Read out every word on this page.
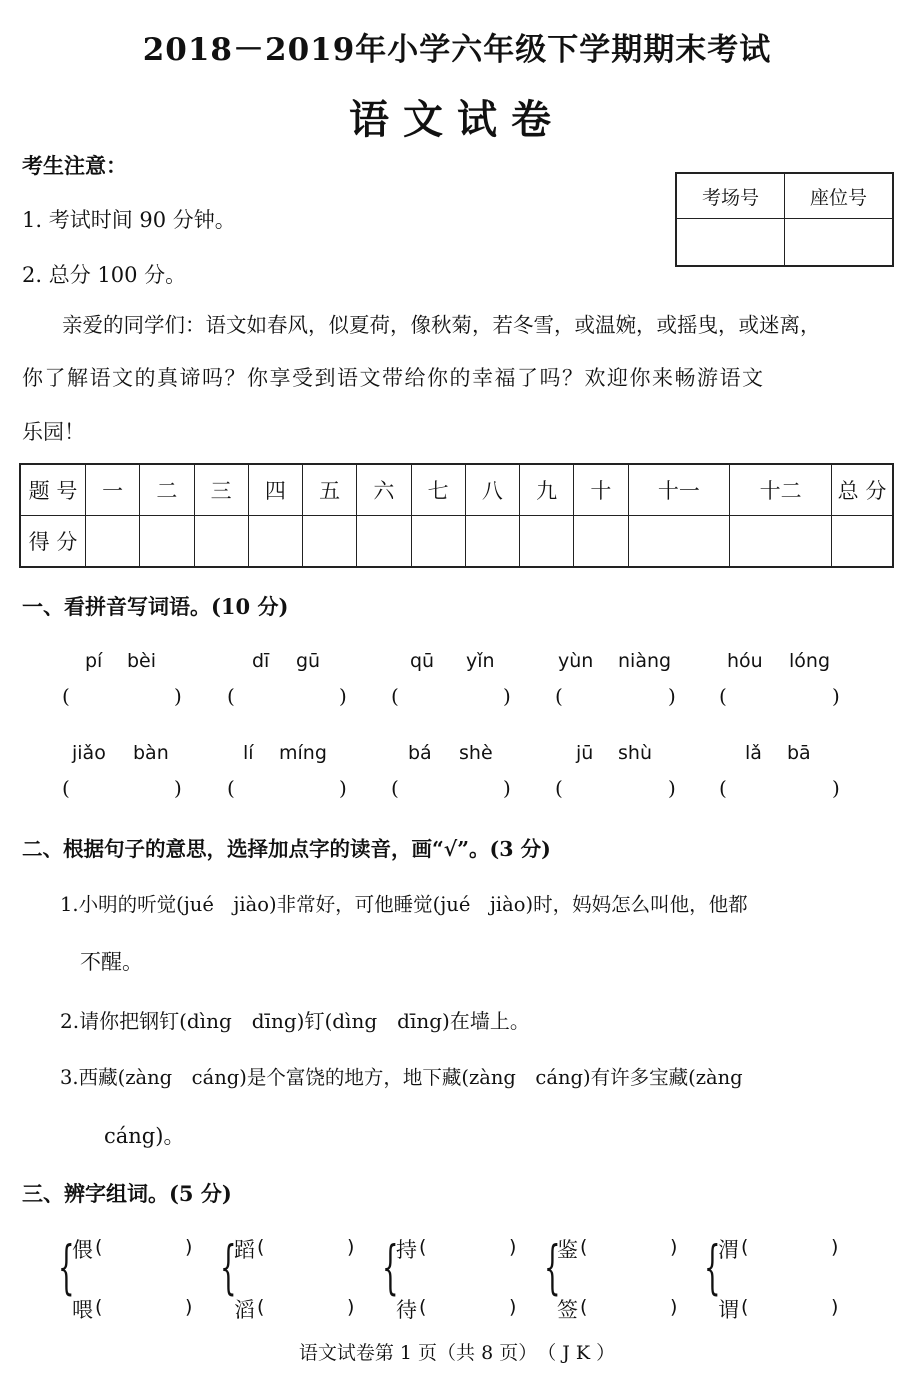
2018－2019年小学六年级下学期期末考试
语文试卷
考生注意：
1. 考试时间 90 分钟。
2. 总分 100 分。
考场号	座位号

亲爱的同学们：语文如春风，似夏荷，像秋菊，若冬雪，或温婉，或摇曳，或迷离，
你了解语文的真谛吗？你享受到语文带给你的幸福了吗？欢迎你来畅游语文
乐园！
题 号	一	二	三	四	五	六	七	八	九	十	十一	十二	总 分
得 分													
一、看拼音写词语。(10 分)
pí bèi	dī gū	qū yǐn	yùn niàng	hóu lóng
(	) (	) (	) (	) (	)
jiǎo bàn	lí míng	bá shè	jū shù	lǎ bā
(	) (	) (	) (	) (	)
二、根据句子的意思，选择加点字的读音，画“√”。(3 分)
1.小明的听觉(jué　jiào)非常好，可他睡觉(jué　jiào)时，妈妈怎么叫他，他都
不醒。
2.请你把钢钉(dìng　dīng)钉(dìng　dīng)在墙上。
3.西藏(zàng　cáng)是个富饶的地方，地下藏(zàng　cáng)有许多宝藏(zàng
cáng)。
三、辨字组词。(5 分)
{
偎 (	)
喂 (	)
{
蹈 (	)
滔 (	)
{
持 (	)
待 (	)
{
鉴 (	)
签 (	)
{
渭 (	)
谓 (	)
语文试卷第 1 页（共 8 页）　（ J K ）
